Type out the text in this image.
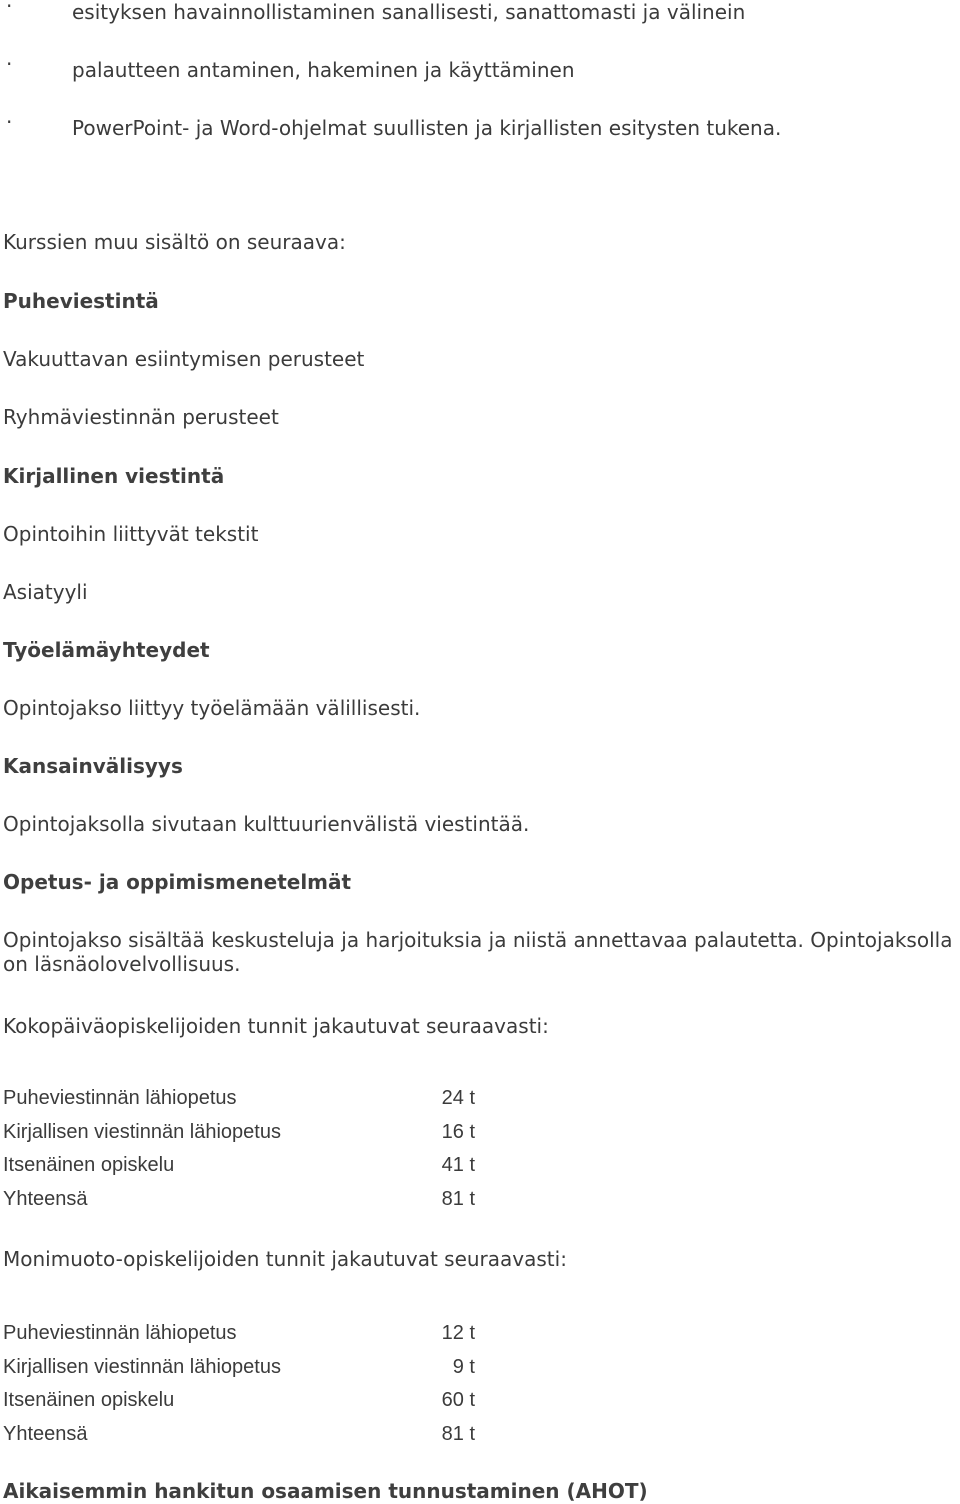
·	esityksen havainnollistaminen sanallisesti, sanattomasti ja välinein
·	palautteen antaminen, hakeminen ja käyttäminen
·	PowerPoint- ja Word-ohjelmat suullisten ja kirjallisten esitysten tukena.
Kurssien muu sisältö on seuraava:
Puheviestintä
Vakuuttavan esiintymisen perusteet
Ryhmäviestinnän perusteet
Kirjallinen viestintä
Opintoihin liittyvät tekstit
Asiatyyli
Työelämäyhteydet
Opintojakso liittyy työelämään välillisesti.
Kansainvälisyys
Opintojaksolla sivutaan kulttuurienvälistä viestintää.
Opetus- ja oppimismenetelmät
Opintojakso sisältää keskusteluja ja harjoituksia ja niistä annettavaa palautetta. Opintojaksolla on läsnäolovelvollisuus.
Kokopäiväopiskelijoiden tunnit jakautuvat seuraavasti:
Puheviestinnän lähiopetus	24 t
Kirjallisen viestinnän lähiopetus	16 t
Itsenäinen opiskelu	41 t
Yhteensä	81 t
Monimuoto-opiskelijoiden tunnit jakautuvat seuraavasti:
Puheviestinnän lähiopetus	12 t
Kirjallisen viestinnän lähiopetus	9 t
Itsenäinen opiskelu	60 t
Yhteensä	81 t
Aikaisemmin hankitun osaamisen tunnustaminen (AHOT)
